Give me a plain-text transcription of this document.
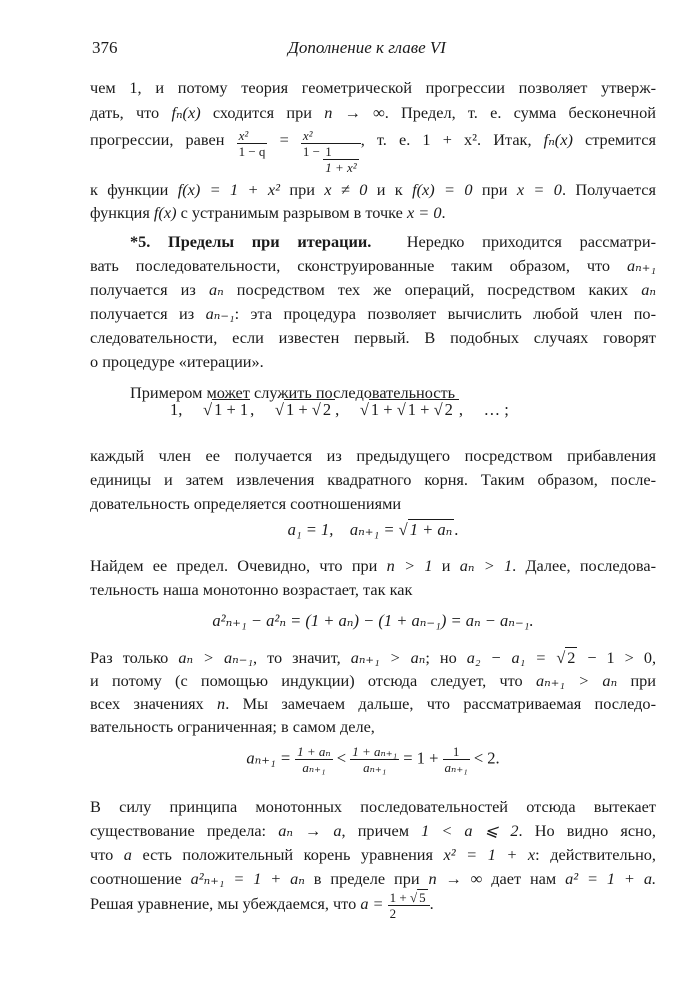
376	Дополнение к главе VI
чем 1, и потому теория геометрической прогрессии позволяет утверж-
дать, что fₙ(x) сходится при n → ∞. Предел, т. е. сумма бесконечной
прогрессии, равен $\frac{\text{x²}}{1 - q} = \frac{\text{x²}}{1 - \frac{1}{\text{1 + x²}}}$ , т. е. 1 + x². Итак, fₙ(x) стремится
к функции f(x) = 1 + x² при x ≠ 0 и к f(x) = 0 при x = 0. Получается
функция f(x) с устранимым разрывом в точке x = 0.
*5. Пределы при итерации. Нередко приходится рассматри-
вать последовательности, сконструированные таким образом, что aₙ₊₁
получается из aₙ посредством тех же операций, посредством каких aₙ
получается из aₙ₋₁: эта процедура позволяет вычислить любой член по-
следовательности, если известен первый. В подобных случаях говорят
о процедуре «итерации».
Примером может служить последовательность
1, √ 1 + 1 ,     √ 1 + √ 2 ,     √ 1 + √ 1 + √ 2 ,     … ;
каждый член ее получается из предыдущего посредством прибавления
единицы и затем извлечения квадратного корня. Таким образом, после-
довательность определяется соотношениями
a₁ = 1, aₙ₊₁ = √ 1 + aₙ .
Найдем ее предел. Очевидно, что при n > 1 и aₙ > 1. Далее, последова-
тельность наша монотонно возрастает, так как
a²ₙ₊₁ − a²ₙ = (1 + aₙ) − (1 + aₙ₋₁) = aₙ − aₙ₋₁.
Раз только aₙ > aₙ₋₁, то значит, aₙ₊₁ > aₙ; но a₂ − a₁ = √ 2 − 1 > 0,
и потому (с помощью индукции) отсюда следует, что aₙ₊₁ > aₙ при
всех значениях n. Мы замечаем дальше, что рассматриваемая последо-
вательность ограниченная; в самом деле,
$a_{n+1} = \frac{\text{1 + aₙ}}{\text{aₙ₊₁}} < \frac{\text{1 + aₙ₊₁}}{\text{aₙ₊₁}} = 1 + \frac{1}{\text{aₙ₊₁}} < 2$.
В силу принципа монотонных последовательностей отсюда вытекает
существование предела: aₙ → a, причем 1 < a ⩽ 2. Но видно ясно,
что a есть положительный корень уравнения x² = 1 + x: действительно,
соотношение a²ₙ₊₁ = 1 + aₙ в пределе при n → ∞ дает нам a² = 1 + a.
Решая уравнение, мы убеждаемся, что $a = \frac{1 + √ 5}{2}$ .
